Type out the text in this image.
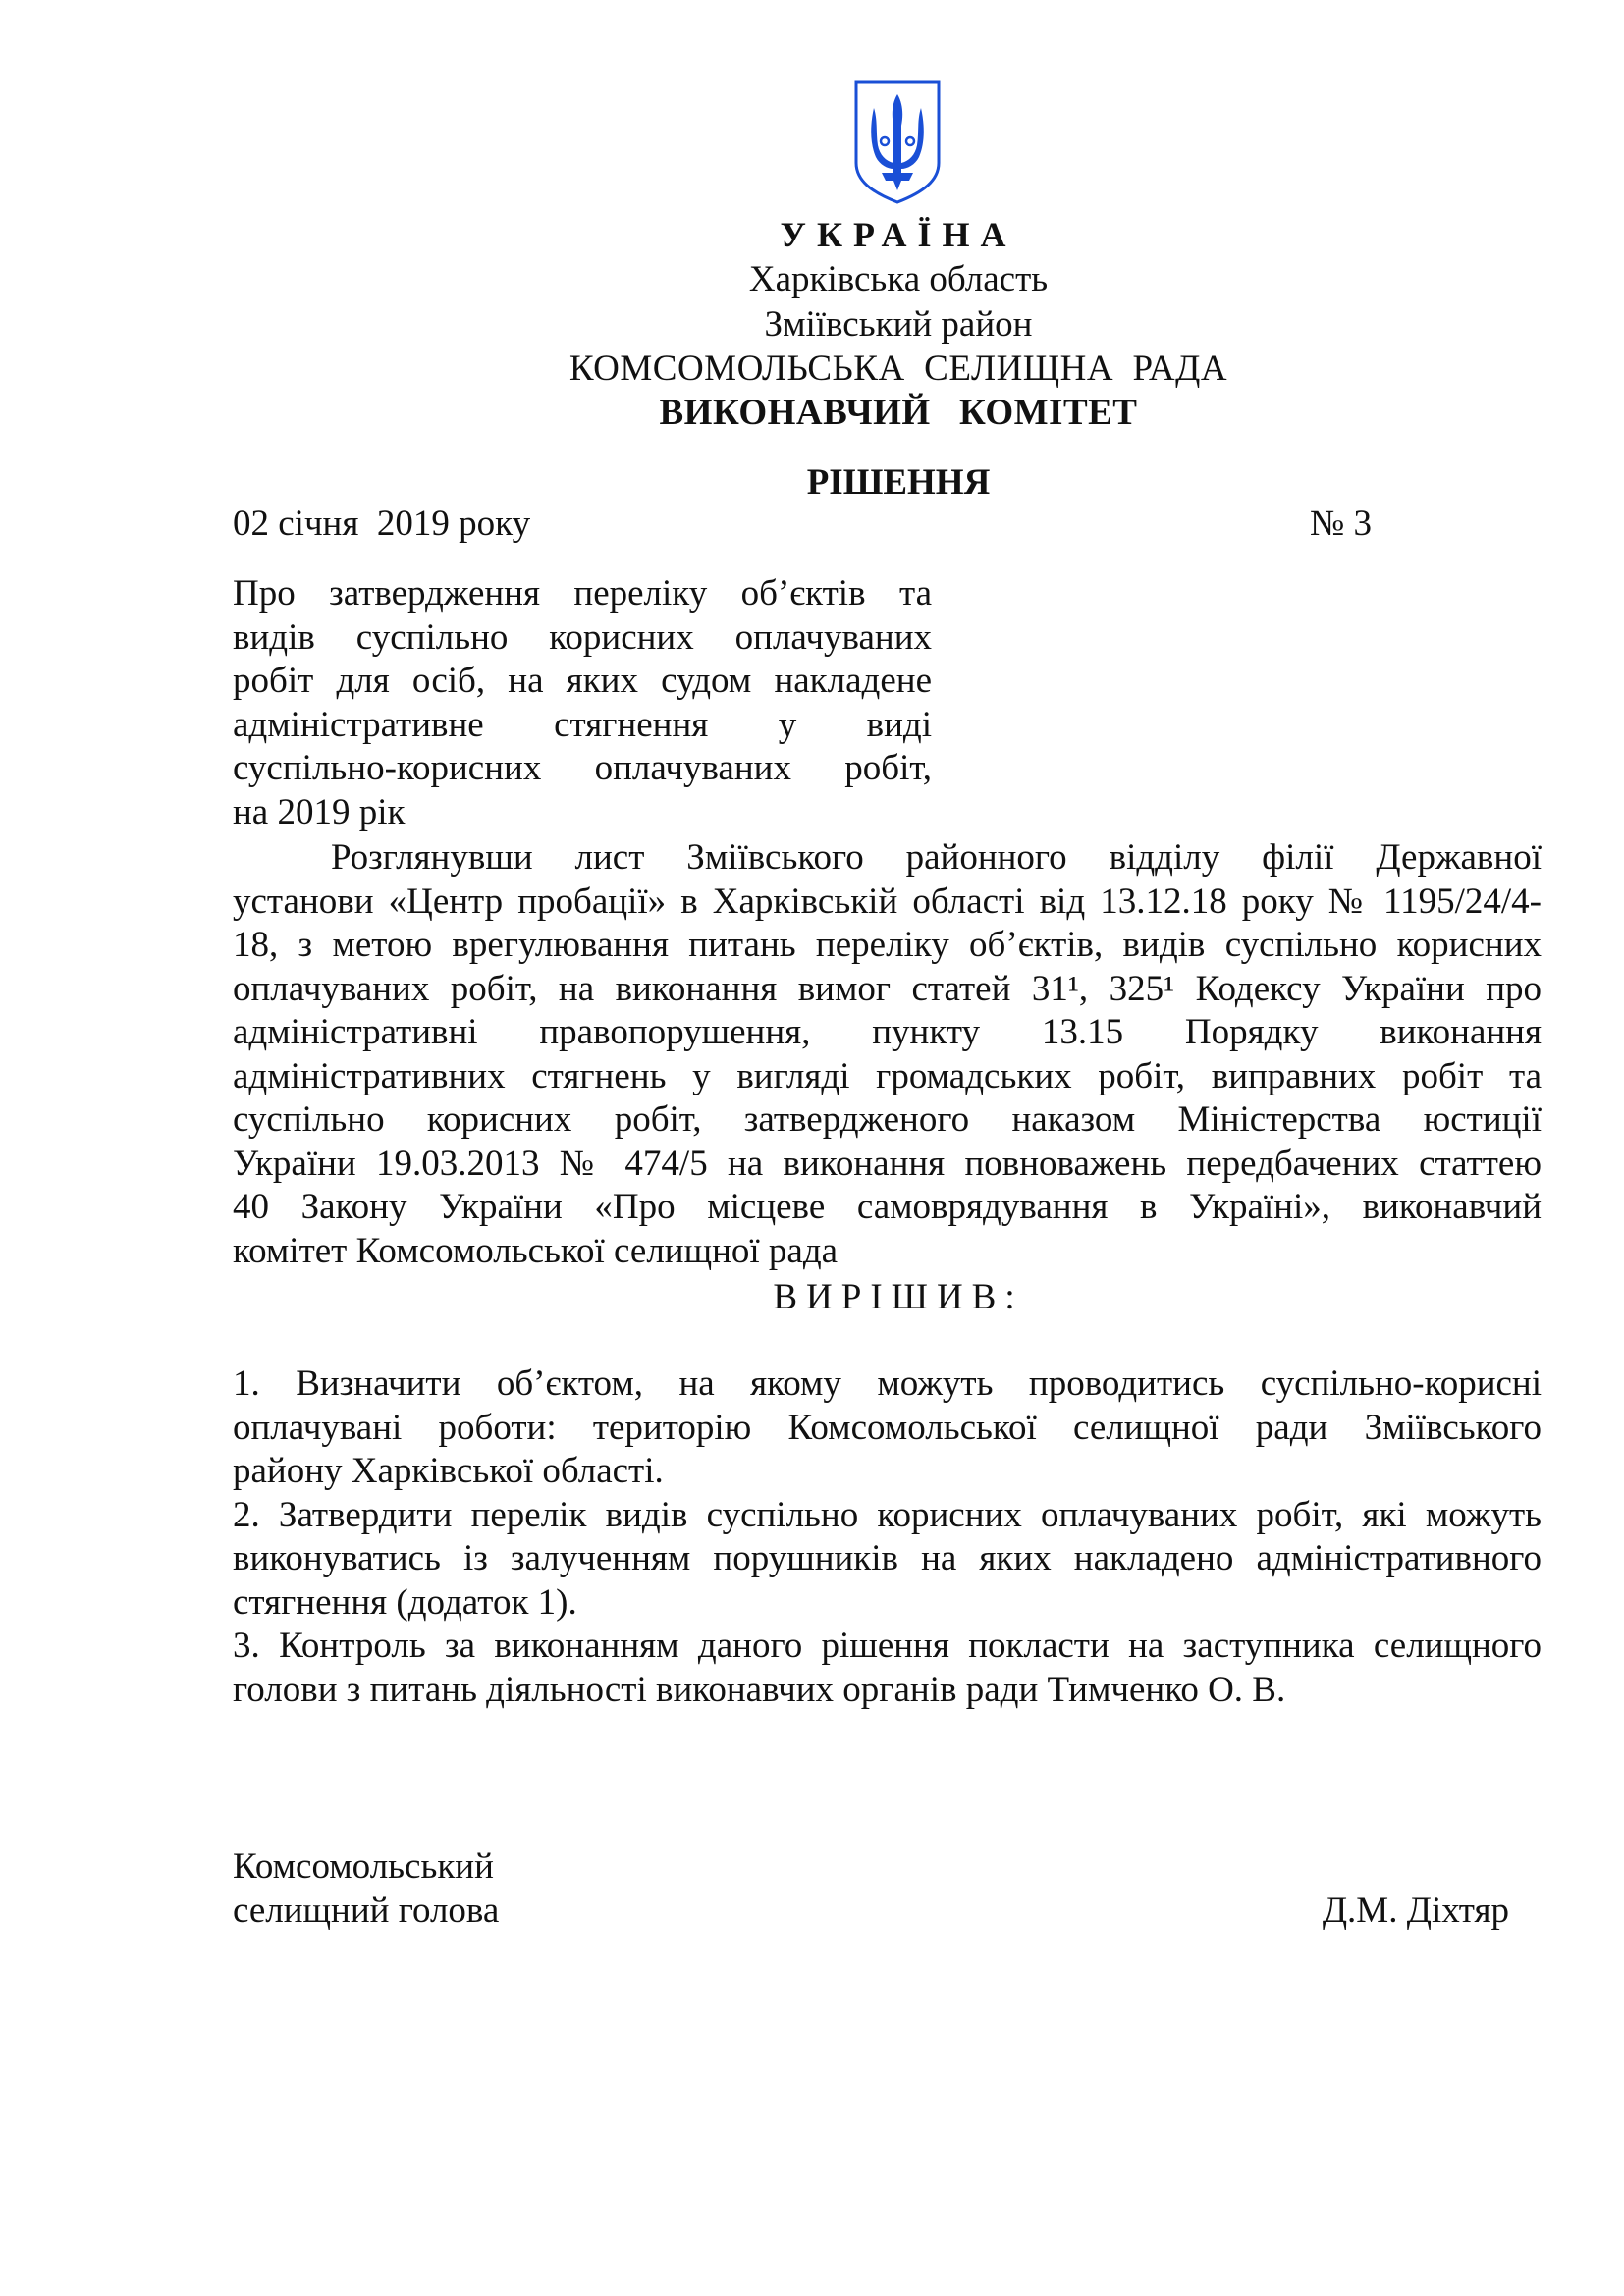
УКРАЇНА
Харківська область
Зміївський район
КОМСОМОЛЬСЬКА  СЕЛИЩНА  РАДА
ВИКОНАВЧИЙ   КОМІТЕТ
РІШЕННЯ
02 січня  2019 року	№ 3
Про затвердження переліку об’єктів та
видів суспільно корисних оплачуваних
робіт для осіб, на яких судом накладене
адміністративне стягнення у виді
суспільно-корисних оплачуваних робіт,
на 2019 рік
Розглянувши лист Зміївського районного відділу філії Державної
установи «Центр пробації» в Харківській області від 13.12.18 року № 1195/24/4-
18, з метою врегулювання питань переліку об’єктів, видів суспільно корисних
оплачуваних робіт, на виконання вимог статей 31¹, 325¹ Кодексу України про
адміністративні правопорушення, пункту 13.15 Порядку виконання
адміністративних стягнень у вигляді громадських робіт, виправних робіт та
суспільно корисних робіт, затвердженого наказом Міністерства юстиції
України 19.03.2013 № 474/5 на виконання повноважень передбачених статтею
40 Закону України «Про місцеве самоврядування в Україні», виконавчий
комітет Комсомольської селищної рада
ВИРІШИВ:
1. Визначити об’єктом, на якому можуть проводитись суспільно-корисні
оплачувані роботи: територію Комсомольської селищної ради Зміївського
району Харківської області.
2. Затвердити перелік видів суспільно корисних оплачуваних робіт, які можуть
виконуватись із залученням порушників на яких накладено адміністративного
стягнення (додаток 1).
3. Контроль за виконанням даного рішення покласти на заступника селищного
голови з питань діяльності виконавчих органів ради Тимченко О. В.
Комсомольський
селищний голова	Д.М. Діхтяр
